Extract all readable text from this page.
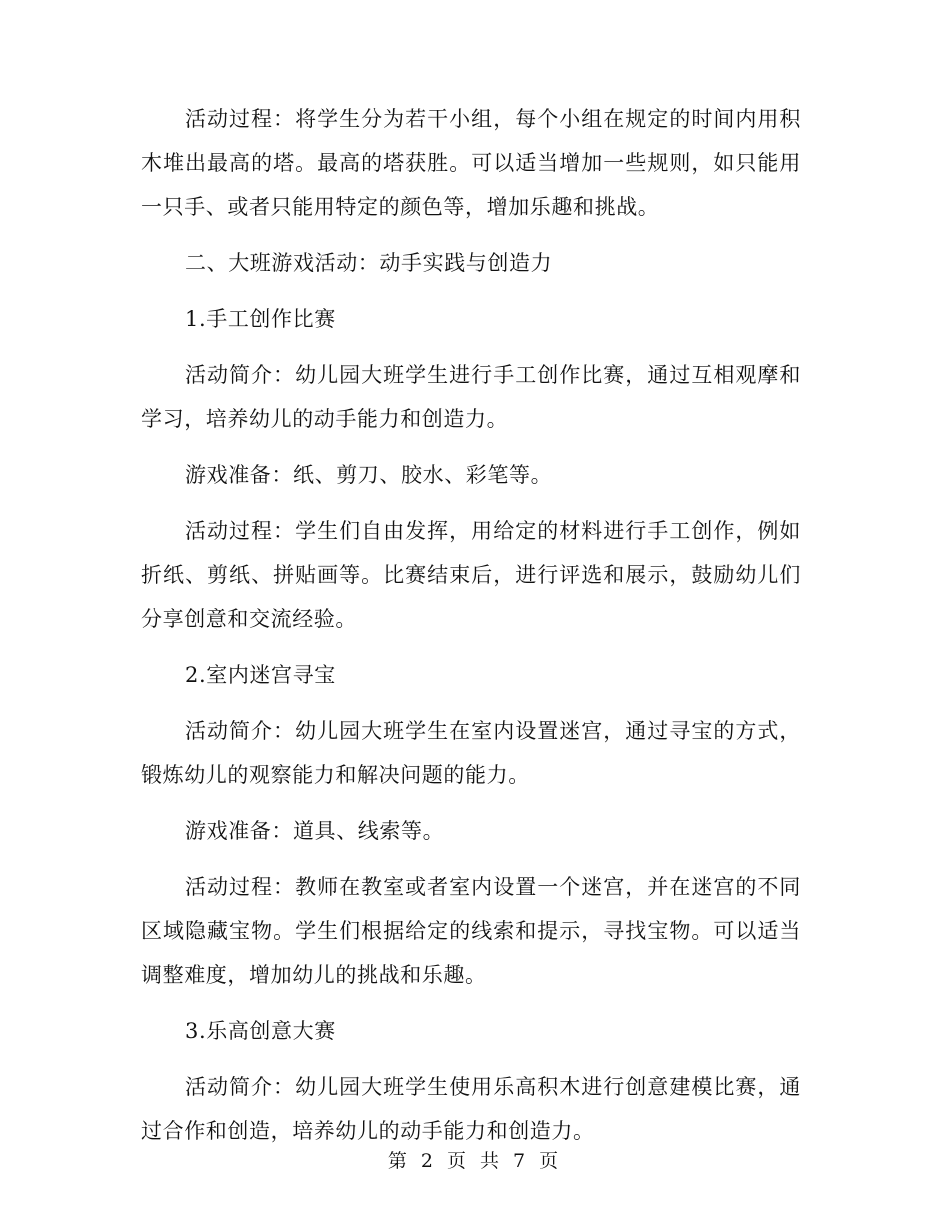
活动过程：将学生分为若干小组，每个小组在规定的时间内用积木堆出最高的塔。最高的塔获胜。可以适当增加一些规则，如只能用一只手、或者只能用特定的颜色等，增加乐趣和挑战。

二、大班游戏活动：动手实践与创造力

1.手工创作比赛

活动简介：幼儿园大班学生进行手工创作比赛，通过互相观摩和学习，培养幼儿的动手能力和创造力。

游戏准备：纸、剪刀、胶水、彩笔等。

活动过程：学生们自由发挥，用给定的材料进行手工创作，例如折纸、剪纸、拼贴画等。比赛结束后，进行评选和展示，鼓励幼儿们分享创意和交流经验。

2.室内迷宫寻宝

活动简介：幼儿园大班学生在室内设置迷宫，通过寻宝的方式，锻炼幼儿的观察能力和解决问题的能力。

游戏准备：道具、线索等。

活动过程：教师在教室或者室内设置一个迷宫，并在迷宫的不同区域隐藏宝物。学生们根据给定的线索和提示，寻找宝物。可以适当调整难度，增加幼儿的挑战和乐趣。

3.乐高创意大赛

活动简介：幼儿园大班学生使用乐高积木进行创意建模比赛，通过合作和创造，培养幼儿的动手能力和创造力。

第 2 页 共 7 页
